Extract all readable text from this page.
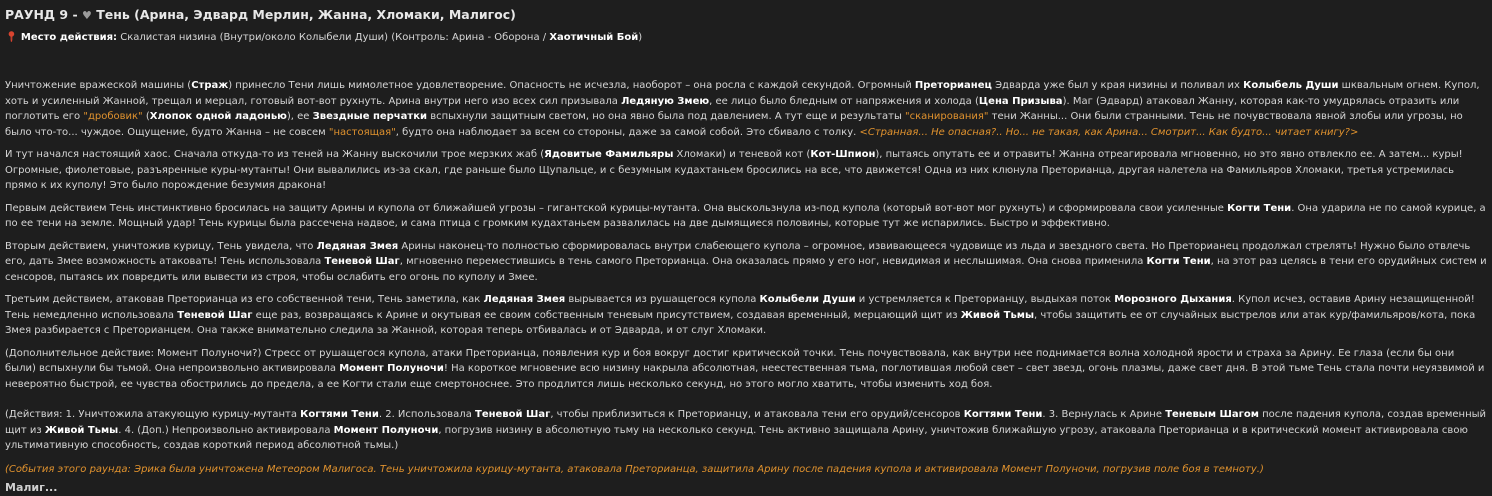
РАУНД 9 - ♥ Тень (Арина, Эдвард Мерлин, Жанна, Хломаки, Малигос)
📍︎ Место действия: Скалистая низина (Внутри/около Колыбели Души) (Контроль: Арина - Оборона / Хаотичный Бой)

Уничтожение вражеской машины (Страж) принесло Тени лишь мимолетное удовлетворение. Опасность не исчезла, наоборот – она росла с каждой секундой. Огромный Преторианец Эдварда уже был у края низины и поливал их Колыбель Души шквальным огнем. Купол, хоть и усиленный Жанной, трещал и мерцал, готовый вот-вот рухнуть. Арина внутри него изо всех сил призывала Ледяную Змею, ее лицо было бледным от напряжения и холода (Цена Призыва). Маг (Эдвард) атаковал Жанну, которая как-то умудрялась отразить или поглотить его "дробовик" (Хлопок одной ладонью), ее Звездные перчатки вспыхнули защитным светом, но она явно была под давлением. А тут еще и результаты "сканирования" тени Жанны... Они были странными. Тень не почувствовала явной злобы или угрозы, но было что-то... чуждое. Ощущение, будто Жанна – не совсем "настоящая", будто она наблюдает за всем со стороны, даже за самой собой. Это сбивало с толку. <Странная... Не опасная?.. Но... не такая, как Арина... Смотрит... Как будто... читает книгу?>

И тут начался настоящий хаос. Сначала откуда-то из теней на Жанну выскочили трое мерзких жаб (Ядовитые Фамильяры Хломаки) и теневой кот (Кот-Шпион), пытаясь опутать ее и отравить! Жанна отреагировала мгновенно, но это явно отвлекло ее. А затем... куры! Огромные, фиолетовые, разъяренные куры-мутанты! Они вывалились из-за скал, где раньше было Щупальце, и с безумным кудахтаньем бросились на все, что движется! Одна из них клюнула Преторианца, другая налетела на Фамильяров Хломаки, третья устремилась прямо к их куполу! Это было порождение безумия дракона!

Первым действием Тень инстинктивно бросилась на защиту Арины и купола от ближайшей угрозы – гигантской курицы-мутанта. Она выскользнула из-под купола (который вот-вот мог рухнуть) и сформировала свои усиленные Когти Тени. Она ударила не по самой курице, а по ее тени на земле. Мощный удар! Тень курицы была рассечена надвое, и сама птица с громким кудахтаньем развалилась на две дымящиеся половины, которые тут же испарились. Быстро и эффективно.

Вторым действием, уничтожив курицу, Тень увидела, что Ледяная Змея Арины наконец-то полностью сформировалась внутри слабеющего купола – огромное, извивающееся чудовище из льда и звездного света. Но Преторианец продолжал стрелять! Нужно было отвлечь его, дать Змее возможность атаковать! Тень использовала Теневой Шаг, мгновенно переместившись в тень самого Преторианца. Она оказалась прямо у его ног, невидимая и неслышимая. Она снова применила Когти Тени, на этот раз целясь в тени его орудийных систем и сенсоров, пытаясь их повредить или вывести из строя, чтобы ослабить его огонь по куполу и Змее.

Третьим действием, атаковав Преторианца из его собственной тени, Тень заметила, как Ледяная Змея вырывается из рушащегося купола Колыбели Души и устремляется к Преторианцу, выдыхая поток Морозного Дыхания. Купол исчез, оставив Арину незащищенной! Тень немедленно использовала Теневой Шаг еще раз, возвращаясь к Арине и окутывая ее своим собственным теневым присутствием, создавая временный, мерцающий щит из Живой Тьмы, чтобы защитить ее от случайных выстрелов или атак кур/фамильяров/кота, пока Змея разбирается с Преторианцем. Она также внимательно следила за Жанной, которая теперь отбивалась и от Эдварда, и от слуг Хломаки.

(Дополнительное действие: Момент Полуночи?) Стресс от рушащегося купола, атаки Преторианца, появления кур и боя вокруг достиг критической точки. Тень почувствовала, как внутри нее поднимается волна холодной ярости и страха за Арину. Ее глаза (если бы они были) вспыхнули бы тьмой. Она непроизвольно активировала Момент Полуночи! На короткое мгновение всю низину накрыла абсолютная, неестественная тьма, поглотившая любой свет – свет звезд, огонь плазмы, даже свет дня. В этой тьме Тень стала почти неуязвимой и невероятно быстрой, ее чувства обострились до предела, а ее Когти стали еще смертоноснее. Это продлится лишь несколько секунд, но этого могло хватить, чтобы изменить ход боя.

(Действия: 1. Уничтожила атакующую курицу-мутанта Когтями Тени. 2. Использовала Теневой Шаг, чтобы приблизиться к Преторианцу, и атаковала тени его орудий/сенсоров Когтями Тени. 3. Вернулась к Арине Теневым Шагом после падения купола, создав временный щит из Живой Тьмы. 4. (Доп.) Непроизвольно активировала Момент Полуночи, погрузив низину в абсолютную тьму на несколько секунд. Тень активно защищала Арину, уничтожив ближайшую угрозу, атаковала Преторианца и в критический момент активировала свою ультимативную способность, создав короткий период абсолютной тьмы.)

(События этого раунда: Эрика была уничтожена Метеором Малигоса. Тень уничтожила курицу-мутанта, атаковала Преторианца, защитила Арину после падения купола и активировала Момент Полуночи, погрузив поле боя в темноту.)

Малиг...
